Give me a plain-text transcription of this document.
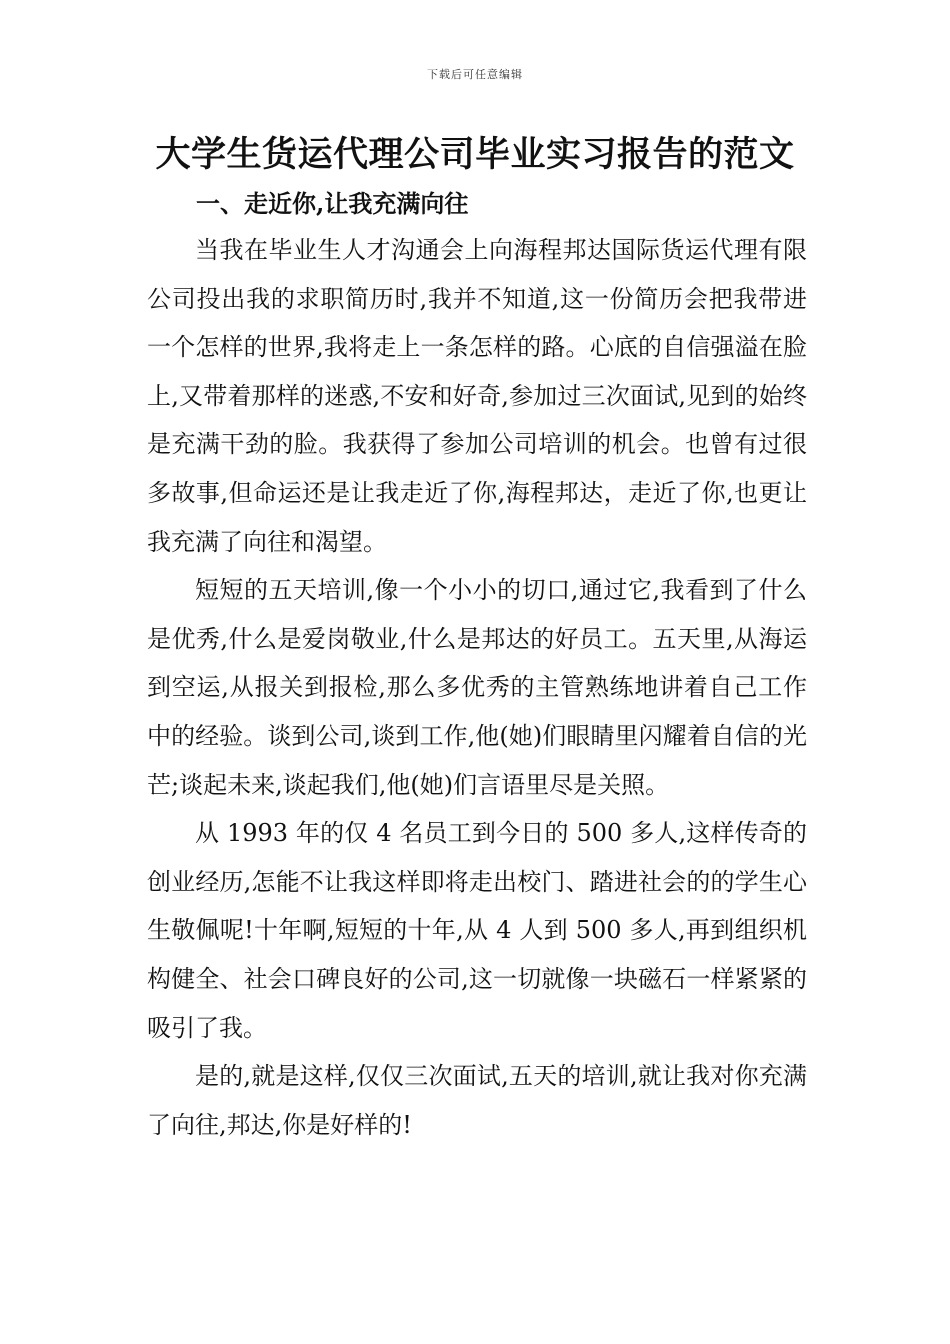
下载后可任意编辑
大学生货运代理公司毕业实习报告的范文
一、走近你,让我充满向往

当我在毕业生人才沟通会上向海程邦达国际货运代理有限公司投出我的求职简历时,我并不知道,这一份简历会把我带进一个怎样的世界,我将走上一条怎样的路。心底的自信强溢在脸上,又带着那样的迷惑,不安和好奇,参加过三次面试,见到的始终是充满干劲的脸。我获得了参加公司培训的机会。也曾有过很多故事,但命运还是让我走近了你,海程邦达，走近了你,也更让我充满了向往和渴望。

短短的五天培训,像一个小小的切口,通过它,我看到了什么是优秀,什么是爱岗敬业,什么是邦达的好员工。五天里,从海运到空运,从报关到报检,那么多优秀的主管熟练地讲着自己工作中的经验。谈到公司,谈到工作,他(她)们眼睛里闪耀着自信的光芒;谈起未来,谈起我们,他(她)们言语里尽是关照。

从 1993 年的仅 4 名员工到今日的 500 多人,这样传奇的创业经历,怎能不让我这样即将走出校门、踏进社会的的学生心生敬佩呢!十年啊,短短的十年,从 4 人到 500 多人,再到组织机构健全、社会口碑良好的公司,这一切就像一块磁石一样紧紧的吸引了我。

是的,就是这样,仅仅三次面试,五天的培训,就让我对你充满了向往,邦达,你是好样的!
